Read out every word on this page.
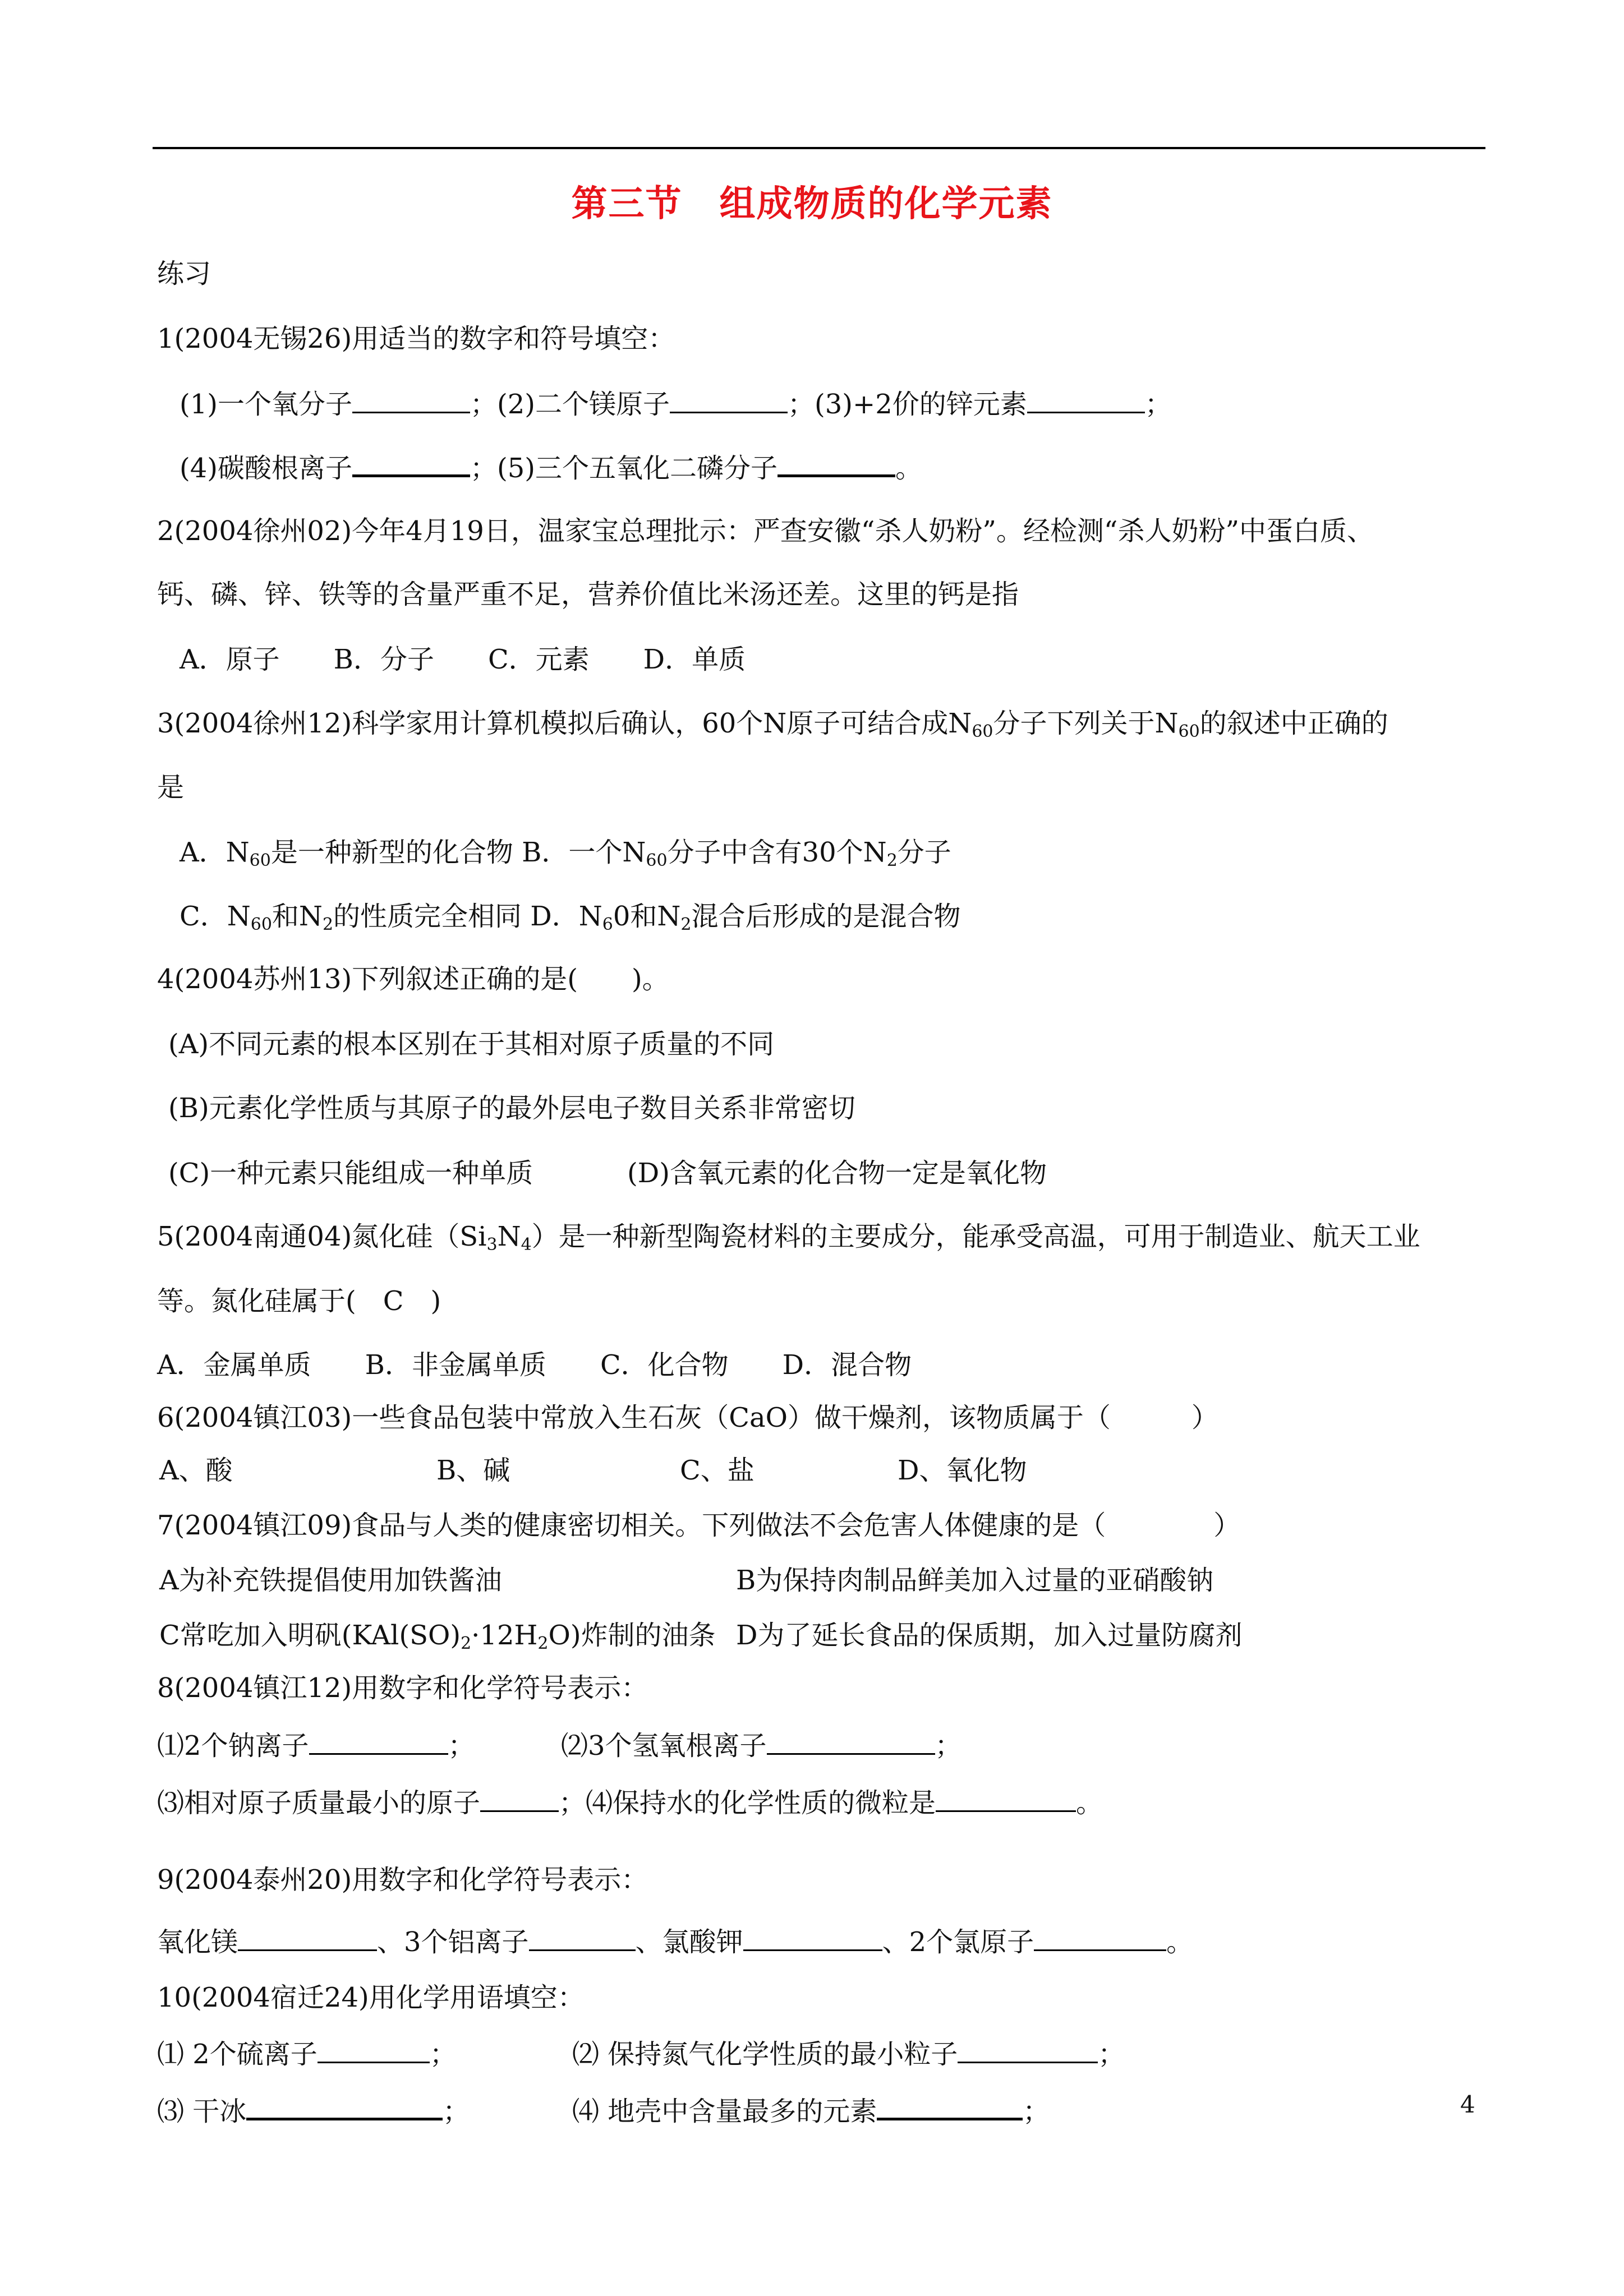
第三节　组成物质的化学元素
练习
1(2004无锡26)用适当的数字和符号填空：
(1)一个氧分子	；(2)二个镁原子	；(3)+2价的锌元素	；
(4)碳酸根离子	；(5)三个五氧化二磷分子	。
2(2004徐州02)今年4月19日，温家宝总理批示：严查安徽“杀人奶粉”。经检测“杀人奶粉”中蛋白质、
钙、磷、锌、铁等的含量严重不足，营养价值比米汤还差。这里的钙是指
A．原子　　B．分子　　C．元素　　D．单质
3(2004徐州12)科学家用计算机模拟后确认，60个N原子可结合成$N_{60}$分子下列关于$N_{60}$的叙述中正确的
是
A．$N_{60}$是一种新型的化合物 B．一个$N_{60}$分子中含有30个$N_2$分子
C．$N_{60}$和$N_2$的性质完全相同 D．$N_60$和$N_2$混合后形成的是混合物
4(2004苏州13)下列叙述正确的是(　　)。
(A)不同元素的根本区别在于其相对原子质量的不同
(B)元素化学性质与其原子的最外层电子数目关系非常密切
(C)一种元素只能组成一种单质	(D)含氧元素的化合物一定是氧化物
5(2004南通04)氮化硅$(Si_3N_4)$是一种新型陶瓷材料的主要成分，能承受高温，可用于制造业、航天工业
等。氮化硅属于(　C　)
A．金属单质　　B．非金属单质　　C．化合物　　D．混合物
6(2004镇江03)一些食品包装中常放入生石灰（CaO）做干燥剂，该物质属于（　　　）
A、酸	B、碱	C、盐	D、氧化物
7(2004镇江09)食品与人类的健康密切相关。下列做法不会危害人体健康的是（　　　　）
A为补充铁提倡使用加铁酱油	B为保持肉制品鲜美加入过量的亚硝酸钠
C常吃加入明矾$(KAl(SO)_2\cdot 12H_2O)$炸制的油条 D为了延长食品的保质期，加入过量防腐剂
8(2004镇江12)用数字和化学符号表示：
⑴2个钠离子	；	⑵3个氢氧根离子	；
⑶相对原子质量最小的原子	；⑷保持水的化学性质的微粒是	。
9(2004泰州20)用数字和化学符号表示：
氧化镁	、3个铝离子	、氯酸钾	、2个氯原子	。
10(2004宿迁24)用化学用语填空：
⑴ 2个硫离子	；	⑵ 保持氮气化学性质的最小粒子	；
⑶ 干冰	；	⑷ 地壳中含量最多的元素	；	4
